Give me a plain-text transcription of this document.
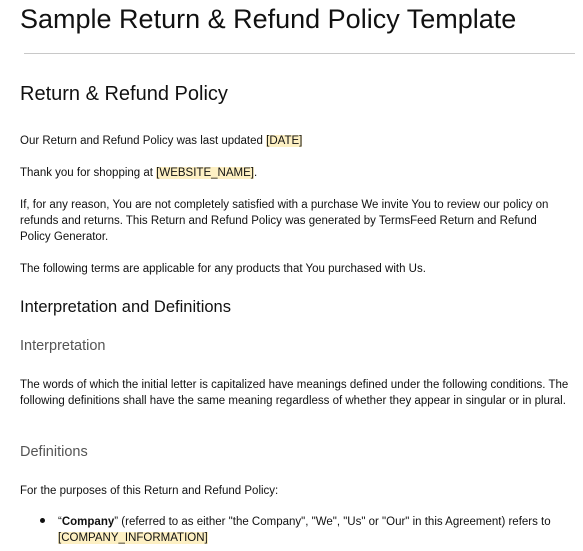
Sample Return & Refund Policy Template
Return & Refund Policy
Our Return and Refund Policy was last updated [DATE]
Thank you for shopping at [WEBSITE_NAME].
If, for any reason, You are not completely satisfied with a purchase We invite You to review our policy on refunds and returns. This Return and Refund Policy was generated by TermsFeed Return and Refund Policy Generator.
The following terms are applicable for any products that You purchased with Us.
Interpretation and Definitions
Interpretation
The words of which the initial letter is capitalized have meanings defined under the following conditions. The following definitions shall have the same meaning regardless of whether they appear in singular or in plural.
Definitions
For the purposes of this Return and Refund Policy:
“Company” (referred to as either "the Company", "We", "Us" or "Our" in this Agreement) refers to [COMPANY_INFORMATION]
